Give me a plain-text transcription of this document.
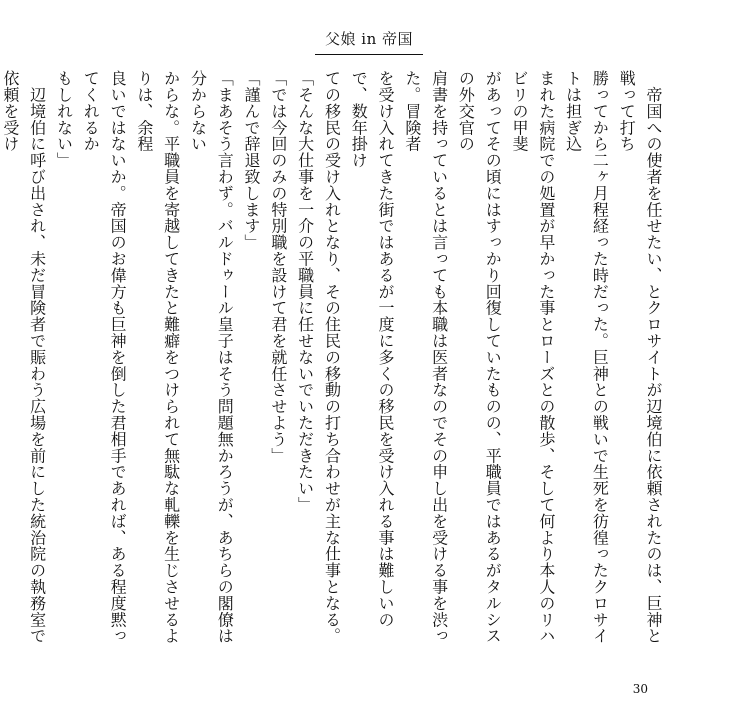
父娘 in 帝国

　帝国への使者を任せたい、とクロサイトが辺境伯に依頼されたのは、巨神と戦って打ち

勝ってから二ヶ月程経った時だった。巨神との戦いで生死を彷徨ったクロサイトは担ぎ込

まれた病院での処置が早かった事とローズとの散歩、そして何より本人のリハビリの甲斐

があってその頃にはすっかり回復していたものの、平職員ではあるがタルシスの外交官の

肩書を持っているとは言っても本職は医者なのでその申し出を受ける事を渋った。冒険者

を受け入れてきた街ではあるが一度に多くの移民を受け入れる事は難しいので、数年掛け

ての移民の受け入れとなり、その住民の移動の打ち合わせが主な仕事となる。

「そんな大仕事を一介の平職員に任せないでいただきたい」

「では今回のみの特別職を設けて君を就任させよう」

「謹んで辞退致します」

「まあそう言わず。バルドゥール皇子はそう問題無かろうが、あちらの閣僚は分からない

からな。平職員を寄越してきたと難癖をつけられて無駄な軋轢を生じさせるよりは、余程

良いではないか。帝国のお偉方も巨神を倒した君相手であれば、ある程度黙ってくれるか

もしれない」

　辺境伯に呼び出され、未だ冒険者で賑わう広場を前にした統治院の執務室で依頼を受け

30
